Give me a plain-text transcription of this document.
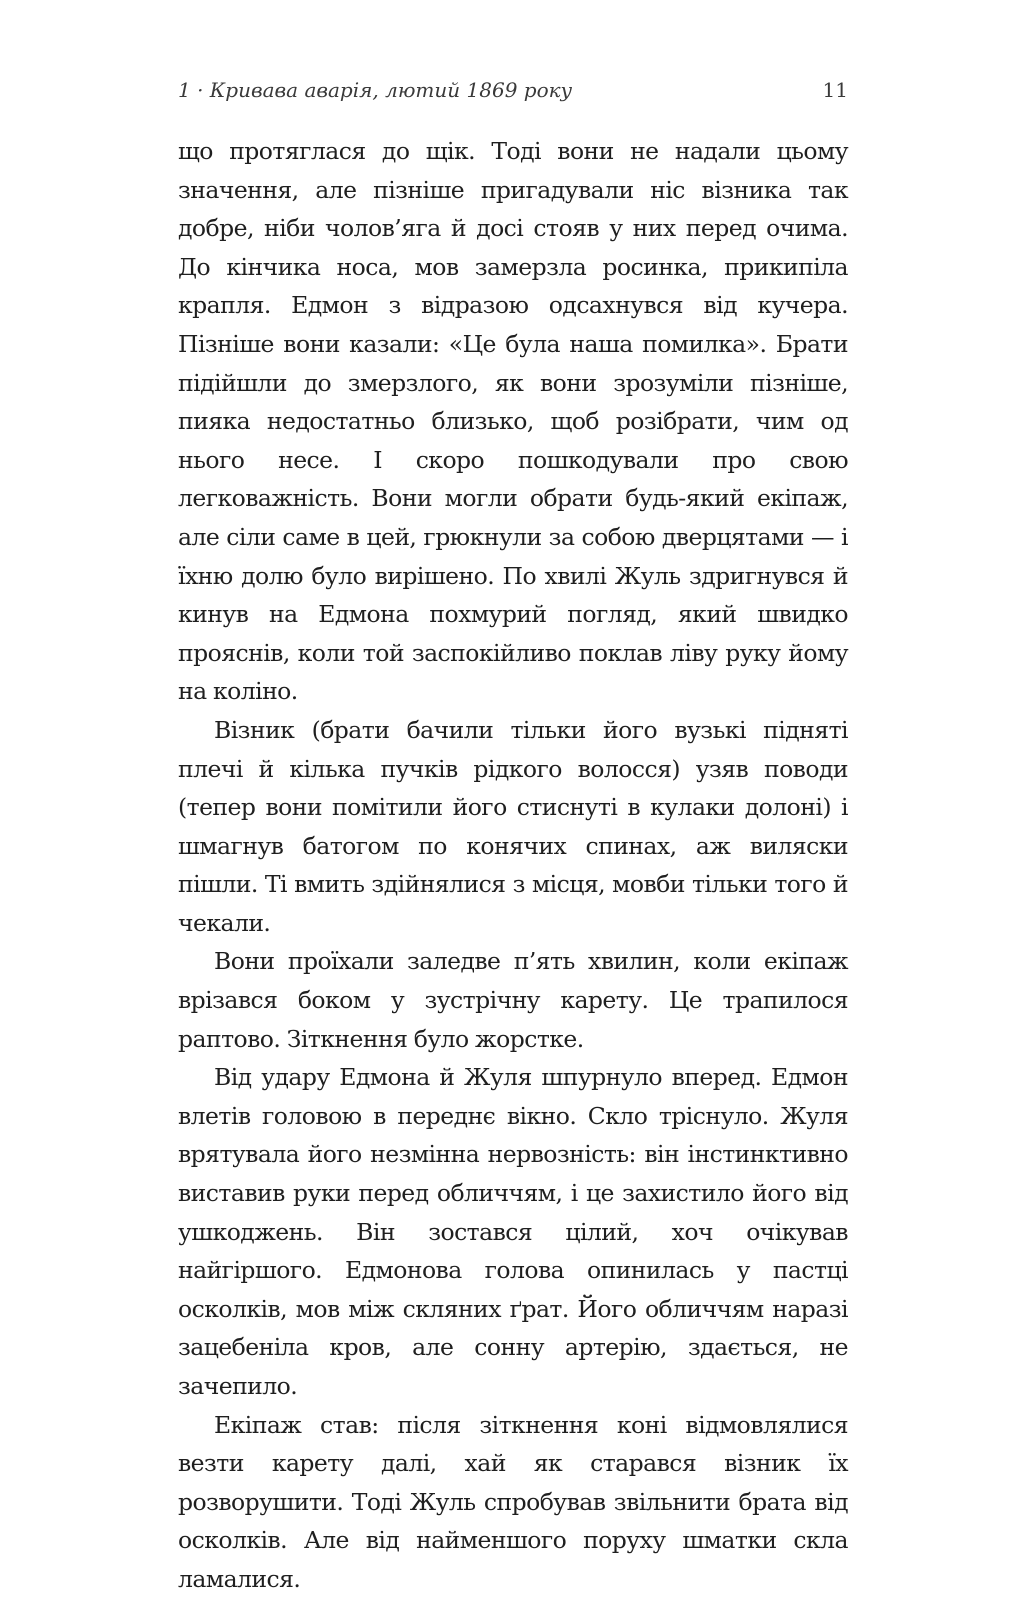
1 · Кривава аварія, лютий 1869 року	11

що протяглася до щік. Тоді вони не надали цьому значення, але пізніше пригадували ніс візника так добре, ніби чолов’яга й досі стояв у них перед очима. До кінчика носа, мов замерзла росинка, прикипіла крапля. Едмон з відразою одсахнувся від кучера. Пізніше вони казали: «Це була наша помилка». Брати підійшли до змерзлого, як вони зрозуміли пізніше, пияка недостатньо близько, щоб розібрати, чим од нього несе. І скоро пошкодували про свою легковажність. Вони могли обрати будь-який екіпаж, але сіли саме в цей, грюкнули за собою дверцятами — і їхню долю було вирішено. По хвилі Жуль здригнувся й кинув на Едмона похмурий погляд, який швидко прояснів, коли той заспокійливо поклав ліву руку йому на коліно.

Візник (брати бачили тільки його вузькі підняті плечі й кілька пучків рідкого волосся) узяв поводи (тепер вони помітили його стиснуті в кулаки долоні) і шмагнув батогом по конячих спинах, аж виляски пішли. Ті вмить здійнялися з місця, мовби тільки того й чекали.

Вони проїхали заледве п’ять хвилин, коли екіпаж врізався боком у зустрічну карету. Це трапилося раптово. Зіткнення було жорстке.

Від удару Едмона й Жуля шпурнуло вперед. Едмон влетів головою в переднє вікно. Скло тріснуло. Жуля врятувала його незмінна нервозність: він інстинктивно виставив руки перед обличчям, і це захистило його від ушкоджень. Він зостався цілий, хоч очікував найгіршого. Едмонова голова опинилась у пастці осколків, мов між скляних ґрат. Його обличчям наразі зацебеніла кров, але сонну артерію, здається, не зачепило.

Екіпаж став: після зіткнення коні відмовлялися везти карету далі, хай як старався візник їх розворушити. Тоді Жуль спробував звільнити брата від осколків. Але від найменшого поруху шматки скла ламалися.
